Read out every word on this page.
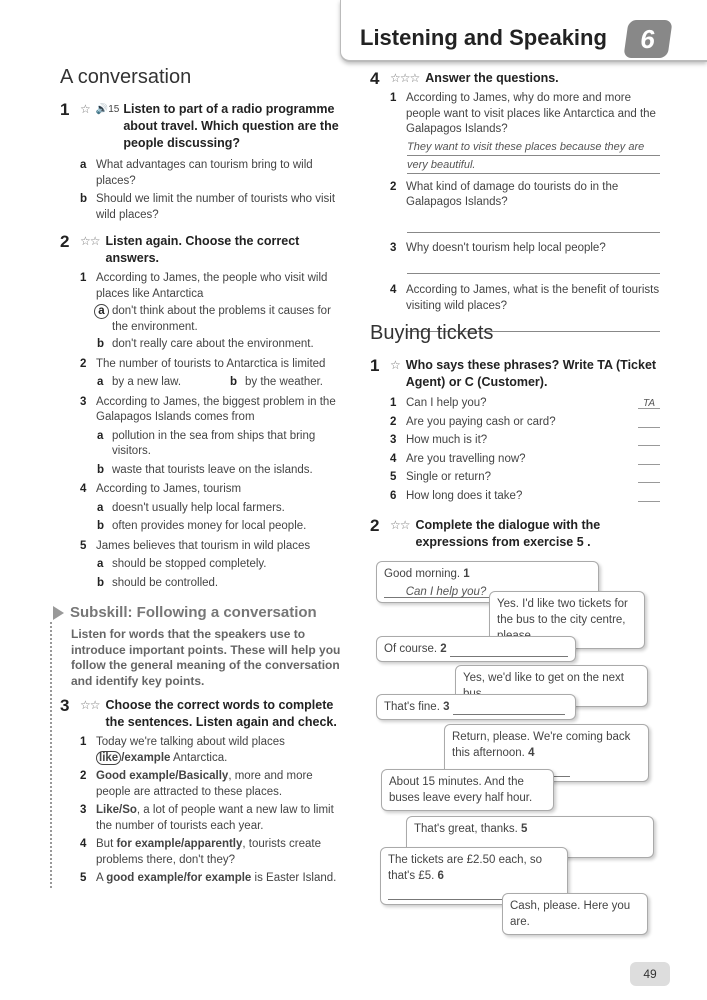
Listening and Speaking	6
A conversation
1 ☆ 🔊15 Listen to part of a radio programme about travel. Which question are the people discussing?
a What advantages can tourism bring to wild places?
b Should we limit the number of tourists who visit wild places?
2 ☆☆ Listen again. Choose the correct answers.
1 According to James, the people who visit wild places like Antarctica
a don't think about the problems it causes for the environment.
b don't really care about the environment.
2 The number of tourists to Antarctica is limited
a by a new law.	b by the weather.
3 According to James, the biggest problem in the Galapagos Islands comes from
a pollution in the sea from ships that bring visitors.
b waste that tourists leave on the islands.
4 According to James, tourism
a doesn't usually help local farmers.
b often provides money for local people.
5 James believes that tourism in wild places
a should be stopped completely.
b should be controlled.
Subskill: Following a conversation
Listen for words that the speakers use to introduce important points. These will help you follow the general meaning of the conversation and identify key points.
3 ☆☆ Choose the correct words to complete the sentences. Listen again and check.
1 Today we're talking about wild places like /example Antarctica.
2 Good example/Basically, more and more people are attracted to these places.
3 Like/So, a lot of people want a new law to limit the number of tourists each year.
4 But for example/apparently, tourists create problems there, don't they?
5 A good example/for example is Easter Island.
4 ☆☆☆ Answer the questions.
1 According to James, why do more and more people want to visit places like Antarctica and the Galapagos Islands?
They want to visit these places because they are
very beautiful.
2 What kind of damage do tourists do in the Galapagos Islands?
3 Why doesn't tourism help local people?
4 According to James, what is the benefit of tourists visiting wild places?
Buying tickets
1 ☆ Who says these phrases? Write TA (Ticket Agent) or C (Customer).
1 Can I help you?	TA
2 Are you paying cash or card?
3 How much is it?
4 Are you travelling now?
5 Single or return?
6 How long does it take?
2 ☆☆ Complete the dialogue with the expressions from exercise 5 .
Good morning. 1 Can I help you?
Yes. I'd like two tickets for the bus to the city centre,
Of course. 2
Yes, we'd like to get on the next
That's fine. 3
Return, please. We're coming back this afternoon. 4
About 15 minutes. And the buses leave every half hour.
That's great, thanks. 5
The tickets are £2.50 each, so that's £5. 6
Cash, please. Here you are.
49
